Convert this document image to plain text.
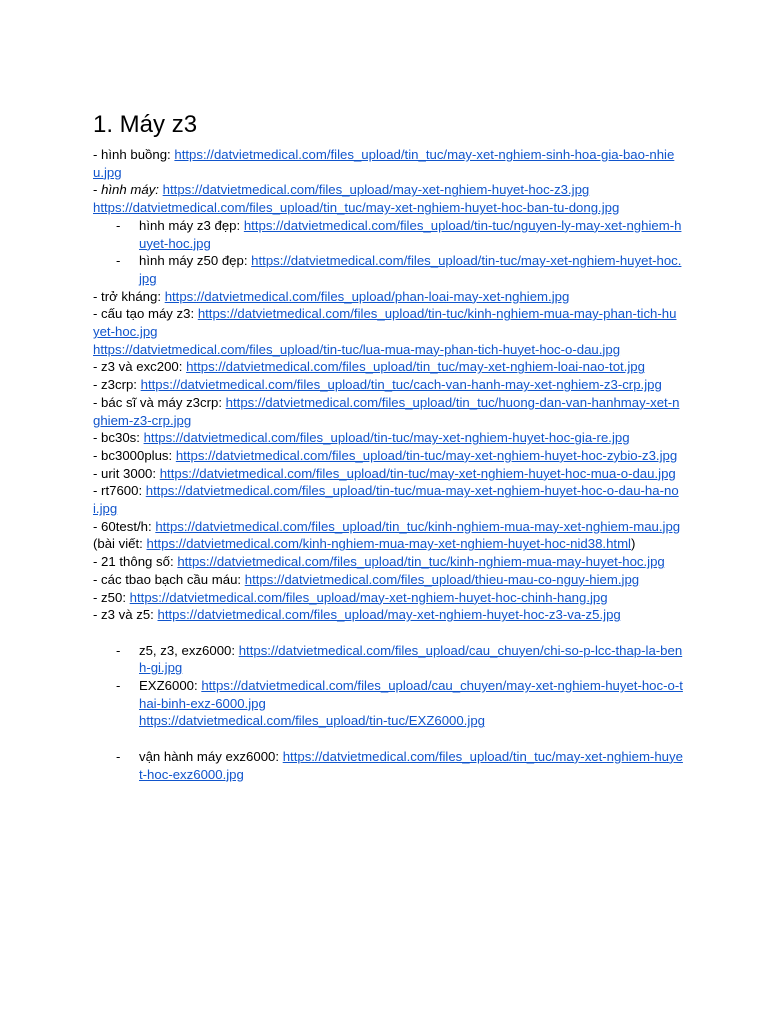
1. Máy z3

- hình buồng: https://datvietmedical.com/files_upload/tin_tuc/may-xet-nghiem-sinh-hoa-gia-bao-nhieu.jpg

- hình máy: https://datvietmedical.com/files_upload/may-xet-nghiem-huyet-hoc-z3.jpg

https://datvietmedical.com/files_upload/tin_tuc/may-xet-nghiem-huyet-hoc-ban-tu-dong.jpg

- hình máy z3 đẹp: https://datvietmedical.com/files_upload/tin-tuc/nguyen-ly-may-xet-nghiem-huyet-hoc.jpg

- hình máy z50 đẹp: https://datvietmedical.com/files_upload/tin-tuc/may-xet-nghiem-huyet-hoc.jpg

- trở kháng: https://datvietmedical.com/files_upload/phan-loai-may-xet-nghiem.jpg

- cấu tạo máy z3: https://datvietmedical.com/files_upload/tin-tuc/kinh-nghiem-mua-may-phan-tich-huyet-hoc.jpg

https://datvietmedical.com/files_upload/tin-tuc/lua-mua-may-phan-tich-huyet-hoc-o-dau.jpg

- z3 và exc200: https://datvietmedical.com/files_upload/tin_tuc/may-xet-nghiem-loai-nao-tot.jpg

- z3crp: https://datvietmedical.com/files_upload/tin_tuc/cach-van-hanh-may-xet-nghiem-z3-crp.jpg

- bác sĩ và máy z3crp: https://datvietmedical.com/files_upload/tin_tuc/huong-dan-van-hanhmay-xet-nghiem-z3-crp.jpg

- bc30s: https://datvietmedical.com/files_upload/tin-tuc/may-xet-nghiem-huyet-hoc-gia-re.jpg

- bc3000plus: https://datvietmedical.com/files_upload/tin-tuc/may-xet-nghiem-huyet-hoc-zybio-z3.jpg

- urit 3000: https://datvietmedical.com/files_upload/tin-tuc/may-xet-nghiem-huyet-hoc-mua-o-dau.jpg

- rt7600: https://datvietmedical.com/files_upload/tin-tuc/mua-may-xet-nghiem-huyet-hoc-o-dau-ha-noi.jpg

- 60test/h: https://datvietmedical.com/files_upload/tin_tuc/kinh-nghiem-mua-may-xet-nghiem-mau.jpg

(bài viết: https://datvietmedical.com/kinh-nghiem-mua-may-xet-nghiem-huyet-hoc-nid38.html)

- 21 thông số: https://datvietmedical.com/files_upload/tin_tuc/kinh-nghiem-mua-may-huyet-hoc.jpg

- các tbao bạch cầu máu: https://datvietmedical.com/files_upload/thieu-mau-co-nguy-hiem.jpg

- z50: https://datvietmedical.com/files_upload/may-xet-nghiem-huyet-hoc-chinh-hang.jpg

- z3 và z5: https://datvietmedical.com/files_upload/may-xet-nghiem-huyet-hoc-z3-va-z5.jpg

- z5, z3, exz6000: https://datvietmedical.com/files_upload/cau_chuyen/chi-so-p-lcc-thap-la-benh-gi.jpg

- EXZ6000: https://datvietmedical.com/files_upload/cau_chuyen/may-xet-nghiem-huyet-hoc-o-thai-binh-exz-6000.jpg
https://datvietmedical.com/files_upload/tin-tuc/EXZ6000.jpg

- vận hành máy exz6000: https://datvietmedical.com/files_upload/tin_tuc/may-xet-nghiem-huyet-hoc-exz6000.jpg
